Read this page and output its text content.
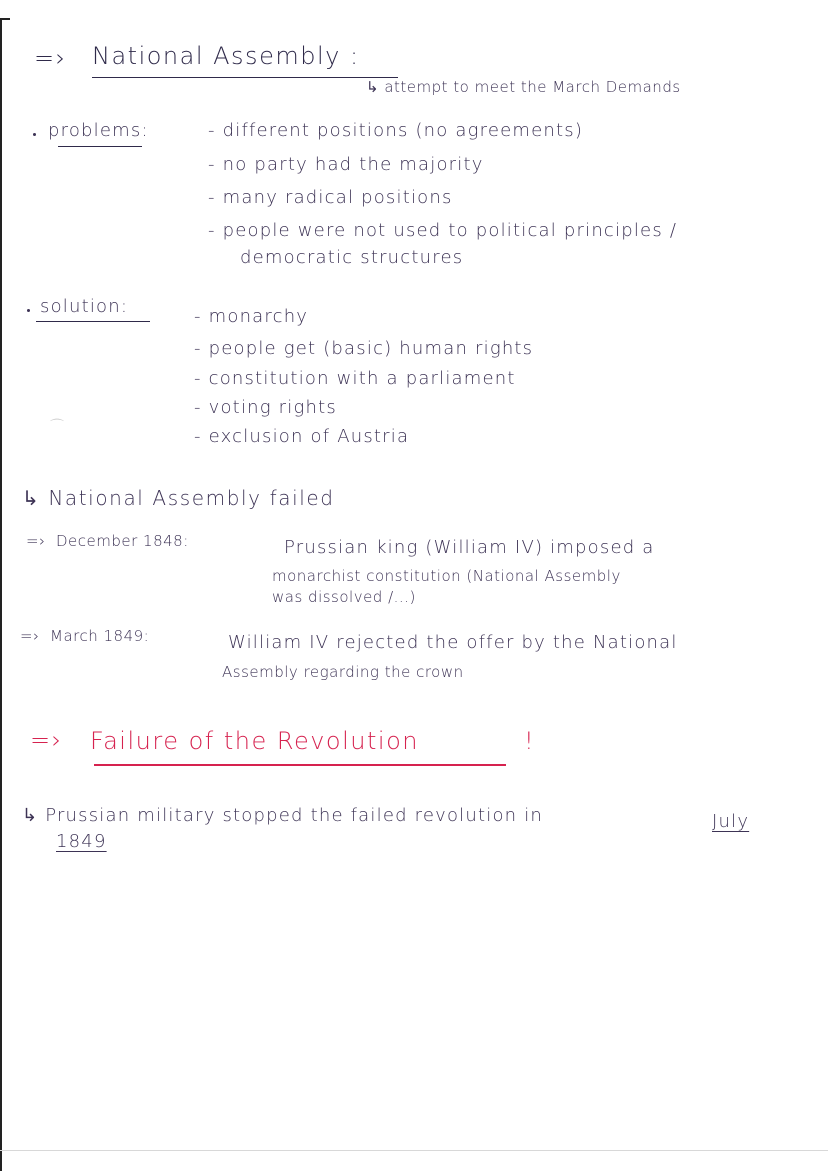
=› National Assembly :
↳ attempt to meet the March Demands
problems:	- different positions (no agreements)
- no party had the majority
- many radical positions
- people were not used to political principles /
democratic structures
solution:	- monarchy
- people get (basic) human rights
- constitution with a parliament
- voting rights
- exclusion of Austria
⌒
↳ National Assembly failed
=› December 1848:	Prussian king (William IV) imposed a
monarchist constitution (National Assembly
was dissolved /...)
=› March 1849:	William IV rejected the offer by the National
Assembly regarding the crown
=› Failure of the Revolution	!
↳ Prussian military stopped the failed revolution in	July
1849
